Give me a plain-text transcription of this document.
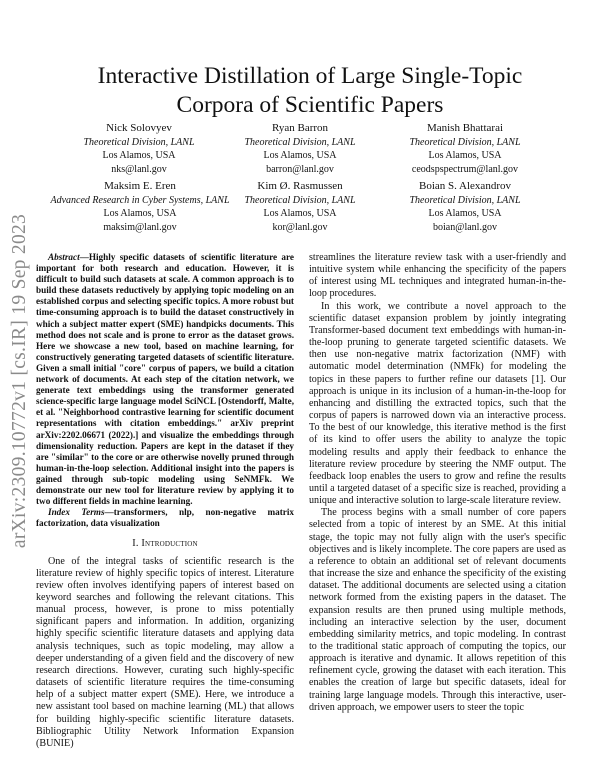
arXiv:2309.10772v1 [cs.IR] 19 Sep 2023
Interactive Distillation of Large Single-Topic Corpora of Scientific Papers
Nick Solovyev
Theoretical Division, LANL
Los Alamos, USA
nks@lanl.gov
Ryan Barron
Theoretical Division, LANL
Los Alamos, USA
barron@lanl.gov
Manish Bhattarai
Theoretical Division, LANL
Los Alamos, USA
ceodspspectrum@lanl.gov
Maksim E. Eren
Advanced Research in Cyber Systems, LANL
Los Alamos, USA
maksim@lanl.gov
Kim Ø. Rasmussen
Theoretical Division, LANL
Los Alamos, USA
kor@lanl.gov
Boian S. Alexandrov
Theoretical Division, LANL
Los Alamos, USA
boian@lanl.gov
Abstract—Highly specific datasets of scientific literature are important for both research and education. However, it is difficult to build such datasets at scale. A common approach is to build these datasets reductively by applying topic modeling on an established corpus and selecting specific topics. A more robust but time-consuming approach is to build the dataset constructively in which a subject matter expert (SME) handpicks documents. This method does not scale and is prone to error as the dataset grows. Here we showcase a new tool, based on machine learning, for constructively generating targeted datasets of scientific literature. Given a small initial "core" corpus of papers, we build a citation network of documents. At each step of the citation network, we generate text embeddings using the transformer generated science-specific large language model SciNCL [Ostendorff, Malte, et al. "Neighborhood contrastive learning for scientific document representations with citation embeddings." arXiv preprint arXiv:2202.06671 (2022).] and visualize the embeddings through dimensionality reduction. Papers are kept in the dataset if they are "similar" to the core or are otherwise novelly pruned through human-in-the-loop selection. Additional insight into the papers is gained through sub-topic modeling using SeNMFk. We demonstrate our new tool for literature review by applying it to two different fields in machine learning.
Index Terms—transformers, nlp, non-negative matrix factorization, data visualization
I. Introduction

One of the integral tasks of scientific research is the literature review of highly specific topics of interest. Literature review often involves identifying papers of interest based on keyword searches and following the relevant citations. This manual process, however, is prone to miss potentially significant papers and information. In addition, organizing highly specific scientific literature datasets and applying data analysis techniques, such as topic modeling, may allow a deeper understanding of a given field and the discovery of new research directions. However, curating such highly-specific datasets of scientific literature requires the time-consuming help of a subject matter expert (SME). Here, we introduce a new assistant tool based on machine learning (ML) that allows for building highly-specific scientific literature datasets. Bibliographic Utility Network Information Expansion (BUNIE)

streamlines the literature review task with a user-friendly and intuitive system while enhancing the specificity of the papers of interest using ML techniques and integrated human-in-the-loop procedures.

In this work, we contribute a novel approach to the scientific dataset expansion problem by jointly integrating Transformer-based document text embeddings with human-in-the-loop pruning to generate targeted scientific datasets. We then use non-negative matrix factorization (NMF) with automatic model determination (NMFk) for modeling the topics in these papers to further refine our datasets [1]. Our approach is unique in its inclusion of a human-in-the-loop for enhancing and distilling the extracted topics, such that the corpus of papers is narrowed down via an interactive process. To the best of our knowledge, this iterative method is the first of its kind to offer users the ability to analyze the topic modeling results and apply their feedback to enhance the literature review procedure by steering the NMF output. The feedback loop enables the users to grow and refine the results until a targeted dataset of a specific size is reached, providing a unique and interactive solution to large-scale literature review.

The process begins with a small number of core papers selected from a topic of interest by an SME. At this initial stage, the topic may not fully align with the user's specific objectives and is likely incomplete. The core papers are used as a reference to obtain an additional set of relevant documents that increase the size and enhance the specificity of the existing dataset. The additional documents are selected using a citation network formed from the existing papers in the dataset. The expansion results are then pruned using multiple methods, including an interactive selection by the user, document embedding similarity metrics, and topic modeling. In contrast to the traditional static approach of computing the topics, our approach is iterative and dynamic. It allows repetition of this refinement cycle, growing the dataset with each iteration. This enables the creation of large but specific datasets, ideal for training large language models. Through this interactive, user-driven approach, we empower users to steer the topic
